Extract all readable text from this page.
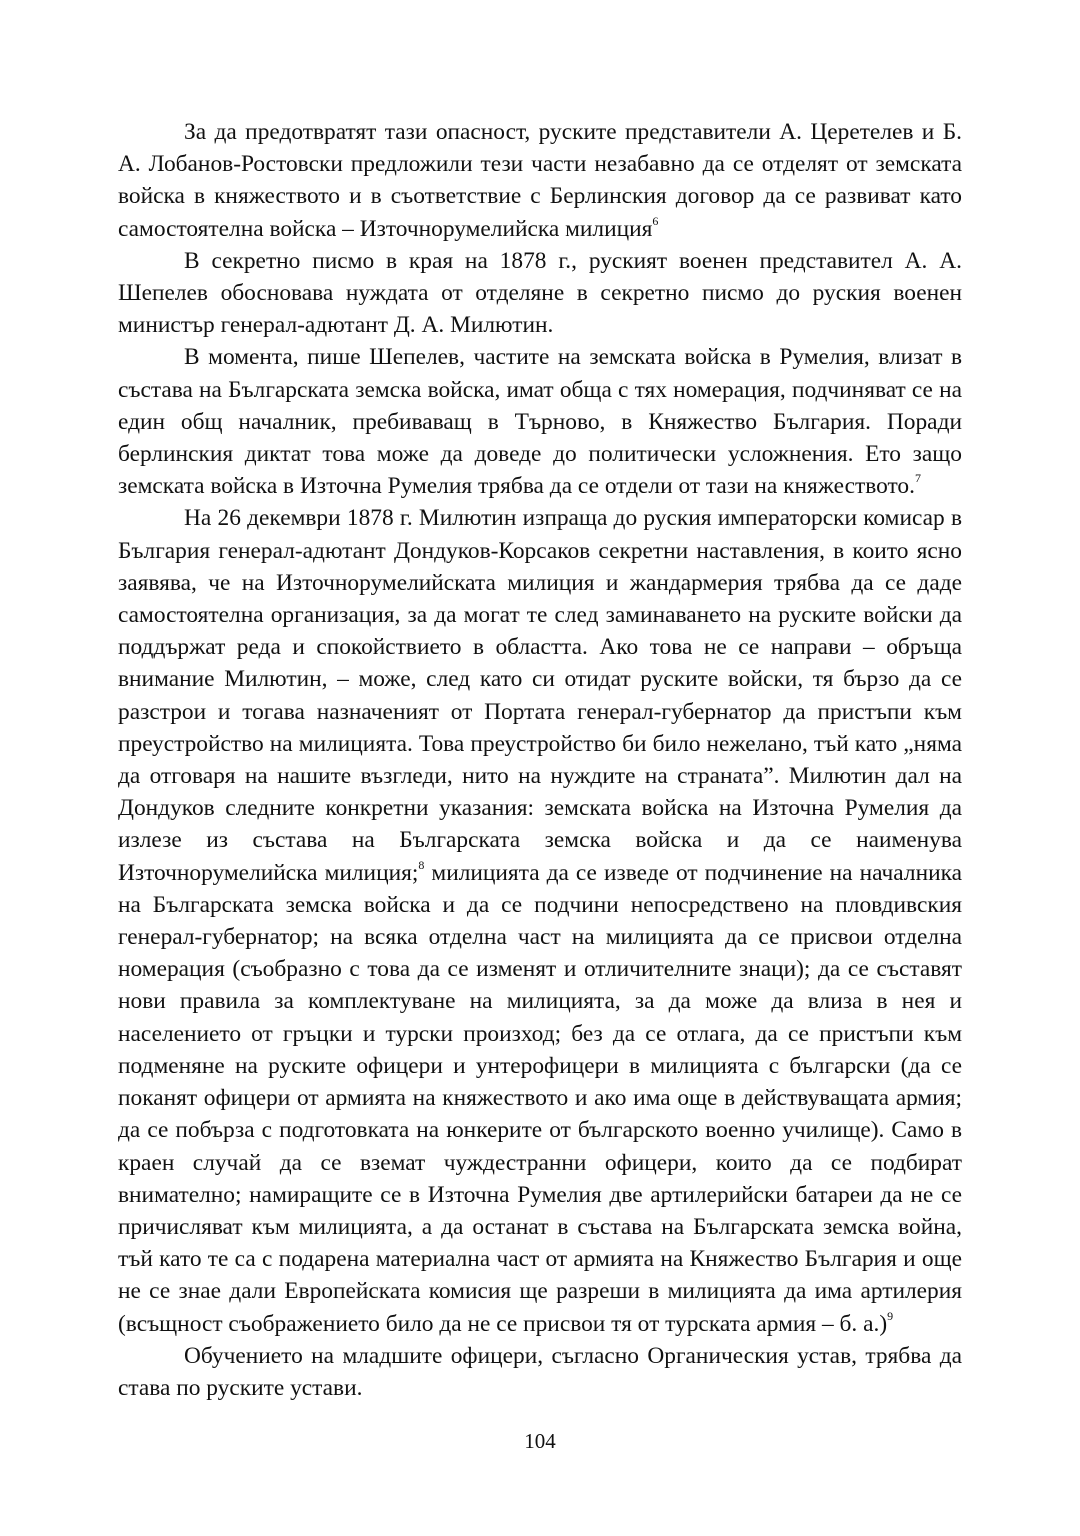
За да предотвратят тази опасност, руските представители А. Церетелев и Б. А. Лобанов-Ростовски предложили тези части незабавно да се отделят от земската войска в княжеството и в съответствие с Берлинския договор да се развиват като самостоятелна войска – Източнорумелийска милиция$^6$

В секретно писмо в края на 1878 г., руският военен представител А. А. Шепелев обосновава нуждата от отделяне в секретно писмо до руския военен министър генерал-адютант Д. А. Милютин.

В момента, пише Шепелев, частите на земската войска в Румелия, влизат в състава на Българската земска войска, имат обща с тях номерация, подчиняват се на един общ началник, пребиваващ в Търново, в Княжество България. Поради берлинския диктат това може да доведе до политически усложнения. Ето защо земската войска в Източна Румелия трябва да се отдели от тази на княжеството.$^7$

На 26 декември 1878 г. Милютин изпраща до руския императорски комисар в България генерал-адютант Дондуков-Корсаков секретни наставления, в които ясно заявява, че на Източнорумелийската милиция и жандармерия трябва да се даде самостоятелна организация, за да могат те след заминаването на руските войски да поддържат реда и спокойствието в областта. Ако това не се направи – обръща внимание Милютин, – може, след като си отидат руските войски, тя бързо да се разстрои и тогава назначеният от Портата генерал-губернатор да пристъпи към преустройство на милицията. Това преустройство би било нежелано, тъй като „няма да отговаря на нашите възгледи, нито на нуждите на страната”. Милютин дал на Дондуков следните конкретни указания: земската войска на Източна Румелия да излезе из състава на Българската земска войска и да се наименува Източнорумелийска милиция;$^8$ милицията да се изведе от подчинение на началника на Българската земска войска и да се подчини непосредствено на пловдивския генерал-губернатор; на всяка отделна част на милицията да се присвои отделна номерация (съобразно с това да се изменят и отличителните знаци); да се съставят нови правила за комплектуване на милицията, за да може да влиза в нея и населението от гръцки и турски произход; без да се отлага, да се пристъпи към подменяне на руските офицери и унтерофицери в милицията с български (да се поканят офицери от армията на княжеството и ако има още в действуващата армия; да се побърза с подготовката на юнкерите от българското военно училище). Само в краен случай да се вземат чуждестранни офицери, които да се подбират внимателно; намиращите се в Източна Румелия две артилерийски батареи да не се причисляват към милицията, а да останат в състава на Българската земска война, тъй като те са с подарена материална част от армията на Княжество България и още не се знае дали Европейската комисия ще разреши в милицията да има артилерия (всъщност съображението било да не се присвои тя от турската армия – б. а.)$^9$

Обучението на младшите офицери, съгласно Органическия устав, трябва да става по руските устави.

104
